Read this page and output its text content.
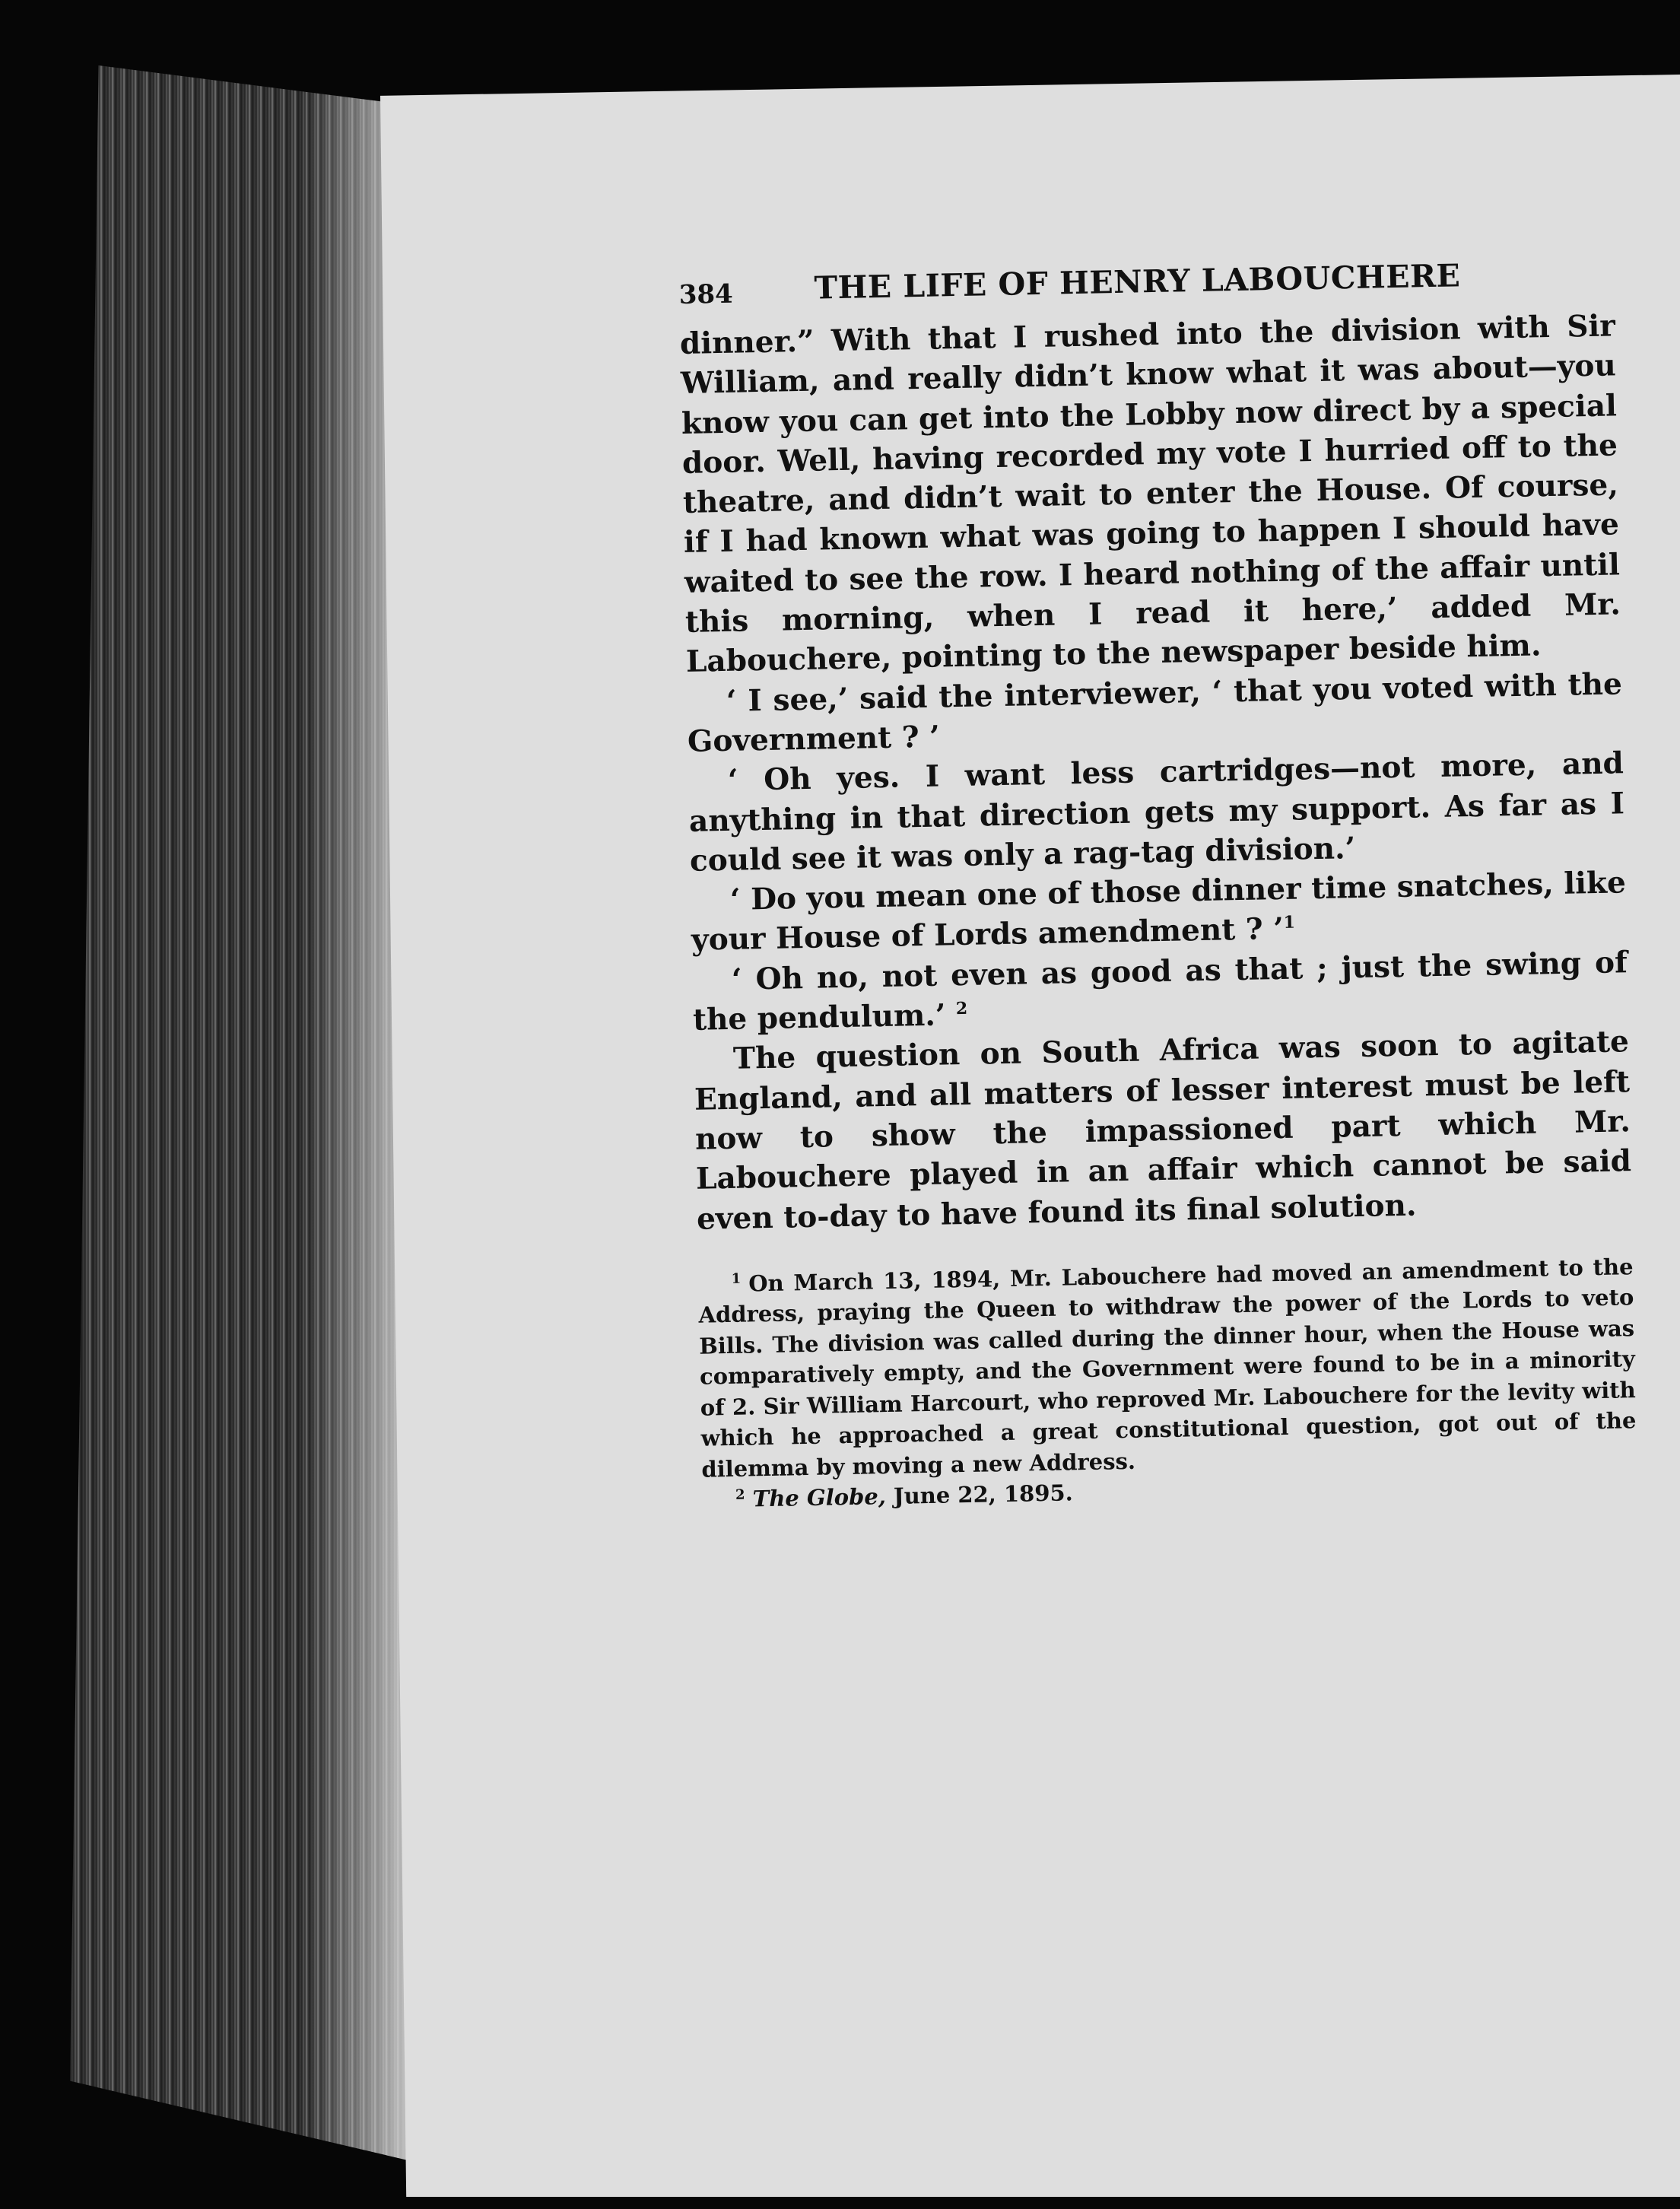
384	THE LIFE OF HENRY LABOUCHERE

dinner.” With that I rushed into the division with Sir William, and really didn’t know what it was about—you know you can get into the Lobby now direct by a special door. Well, having recorded my vote I hurried off to the theatre, and didn’t wait to enter the House. Of course, if I had known what was going to happen I should have waited to see the row. I heard nothing of the affair until this morning, when I read it here,’ added Mr. Labouchere, pointing to the newspaper beside him.

‘ I see,’ said the interviewer, ‘ that you voted with the Government ? ’

‘ Oh yes. I want less cartridges—not more, and anything in that direction gets my support. As far as I could see it was only a rag-tag division.’

‘ Do you mean one of those dinner time snatches, like your House of Lords amendment ? ’$^1$

‘ Oh no, not even as good as that ; just the swing of the pendulum.’ $^2$

The question on South Africa was soon to agitate England, and all matters of lesser interest must be left now to show the impassioned part which Mr. Labouchere played in an affair which cannot be said even to-day to have found its final solution.

$^1$ On March 13, 1894, Mr. Labouchere had moved an amendment to the Address, praying the Queen to withdraw the power of the Lords to veto Bills. The division was called during the dinner hour, when the House was comparatively empty, and the Government were found to be in a minority of 2. Sir William Harcourt, who reproved Mr. Labouchere for the levity with which he approached a great constitutional question, got out of the dilemma by moving a new Address.

$^2$ The Globe, June 22, 1895.
